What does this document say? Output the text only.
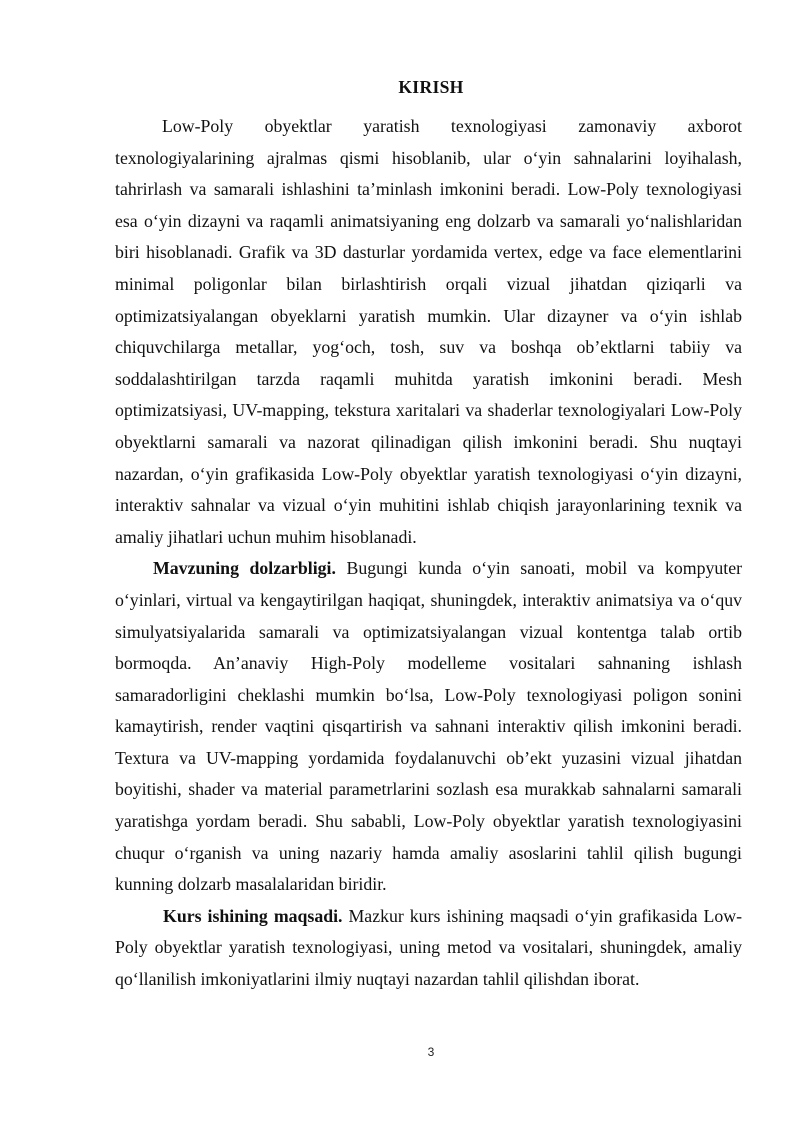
KIRISH

Low-Poly obyektlar yaratish texnologiyasi zamonaviy axborot texnologiyalarining ajralmas qismi hisoblanib, ular o‘yin sahnalarini loyihalash, tahrirlash va samarali ishlashini ta’minlash imkonini beradi. Low-Poly texnologiyasi esa o‘yin dizayni va raqamli animatsiyaning eng dolzarb va samarali yo‘nalishlaridan biri hisoblanadi. Grafik va 3D dasturlar yordamida vertex, edge va face elementlarini minimal poligonlar bilan birlashtirish orqali vizual jihatdan qiziqarli va optimizatsiyalangan obyeklarni yaratish mumkin. Ular dizayner va o‘yin ishlab chiquvchilarga metallar, yog‘och, tosh, suv va boshqa ob’ektlarni tabiiy va soddalashtirilgan tarzda raqamli muhitda yaratish imkonini beradi. Mesh optimizatsiyasi, UV-mapping, tekstura xaritalari va shaderlar texnologiyalari Low-Poly obyektlarni samarali va nazorat qilinadigan qilish imkonini beradi. Shu nuqtayi nazardan, o‘yin grafikasida Low-Poly obyektlar yaratish texnologiyasi o‘yin dizayni, interaktiv sahnalar va vizual o‘yin muhitini ishlab chiqish jarayonlarining texnik va amaliy jihatlari uchun muhim hisoblanadi.

Mavzuning dolzarbligi. Bugungi kunda o‘yin sanoati, mobil va kompyuter o‘yinlari, virtual va kengaytirilgan haqiqat, shuningdek, interaktiv animatsiya va o‘quv simulyatsiyalarida samarali va optimizatsiyalangan vizual kontentga talab ortib bormoqda. An’anaviy High-Poly modelleme vositalari sahnaning ishlash samaradorligini cheklashi mumkin bo‘lsa, Low-Poly texnologiyasi poligon sonini kamaytirish, render vaqtini qisqartirish va sahnani interaktiv qilish imkonini beradi. Textura va UV-mapping yordamida foydalanuvchi ob’ekt yuzasini vizual jihatdan boyitishi, shader va material parametrlarini sozlash esa murakkab sahnalarni samarali yaratishga yordam beradi. Shu sababli, Low-Poly obyektlar yaratish texnologiyasini chuqur o‘rganish va uning nazariy hamda amaliy asoslarini tahlil qilish bugungi kunning dolzarb masalalaridan biridir.

Kurs ishining maqsadi. Mazkur kurs ishining maqsadi o‘yin grafikasida Low-Poly obyektlar yaratish texnologiyasi, uning metod va vositalari, shuningdek, amaliy qo‘llanilish imkoniyatlarini ilmiy nuqtayi nazardan tahlil qilishdan iborat.

3
